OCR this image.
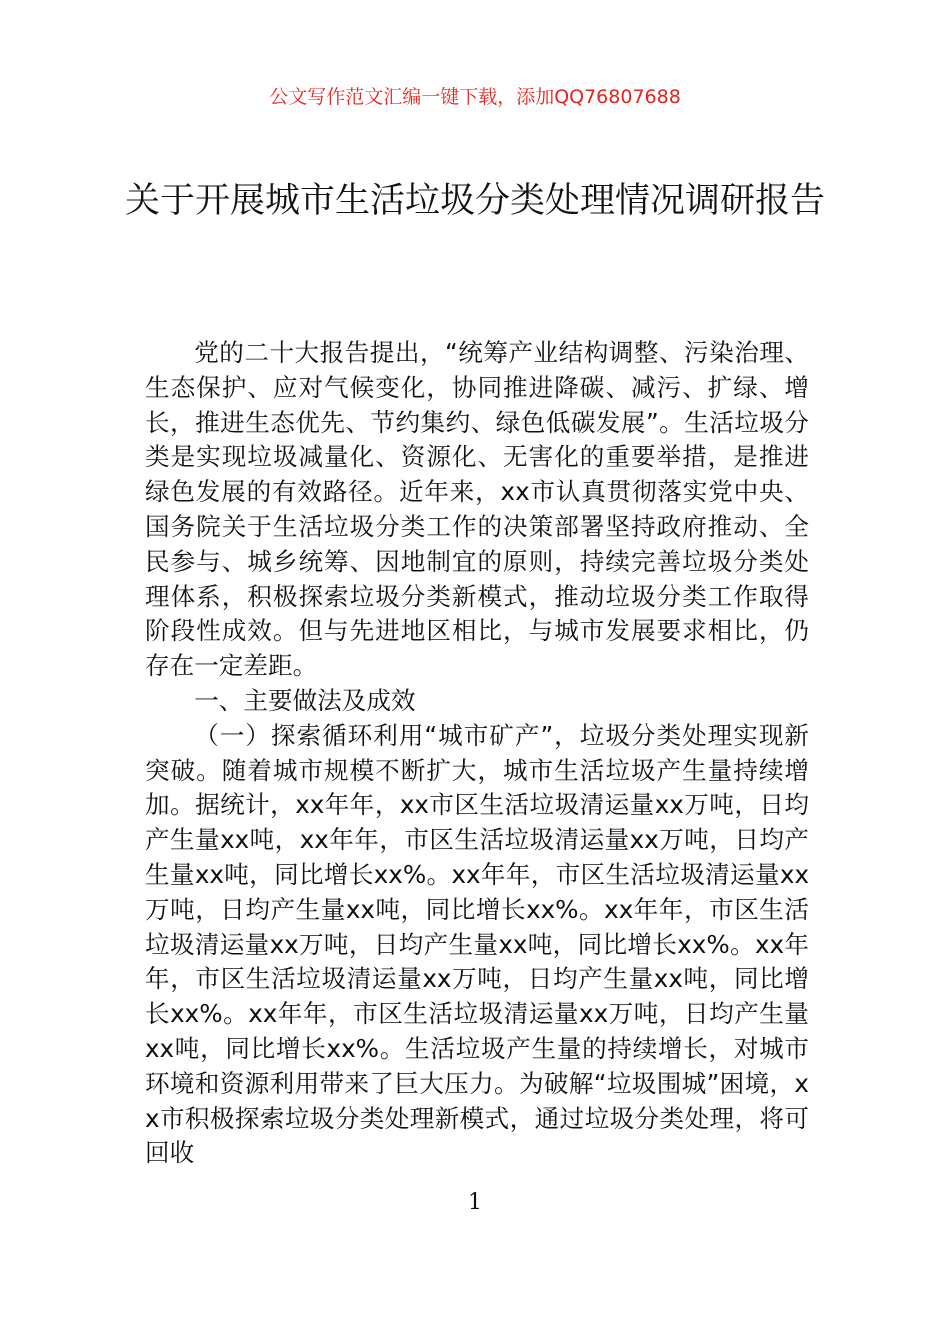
公文写作范文汇编一键下载，添加QQ76807688
关于开展城市生活垃圾分类处理情况调研报告

党的二十大报告提出，“统筹产业结构调整、污染治理、生态保护、应对气候变化，协同推进降碳、减污、扩绿、增长，推进生态优先、节约集约、绿色低碳发展”。生活垃圾分类是实现垃圾减量化、资源化、无害化的重要举措，是推进绿色发展的有效路径。近年来，xx市认真贯彻落实党中央、国务院关于生活垃圾分类工作的决策部署坚持政府推动、全民参与、城乡统筹、因地制宜的原则，持续完善垃圾分类处理体系，积极探索垃圾分类新模式，推动垃圾分类工作取得阶段性成效。但与先进地区相比，与城市发展要求相比，仍存在一定差距。

一、主要做法及成效

（一）探索循环利用“城市矿产”，垃圾分类处理实现新突破。随着城市规模不断扩大，城市生活垃圾产生量持续增加。据统计，xx年年，xx市区生活垃圾清运量xx万吨，日均产生量xx吨，xx年年，市区生活垃圾清运量xx万吨，日均产生量xx吨，同比增长xx%。xx年年，市区生活垃圾清运量xx万吨，日均产生量xx吨，同比增长xx%。xx年年，市区生活垃圾清运量xx万吨，日均产生量xx吨，同比增长xx%。xx年年，市区生活垃圾清运量xx万吨，日均产生量xx吨，同比增长xx%。xx年年，市区生活垃圾清运量xx万吨，日均产生量xx吨，同比增长xx%。生活垃圾产生量的持续增长，对城市环境和资源利用带来了巨大压力。为破解“垃圾围城”困境，xx市积极探索垃圾分类处理新模式，通过垃圾分类处理，将可回收

1
